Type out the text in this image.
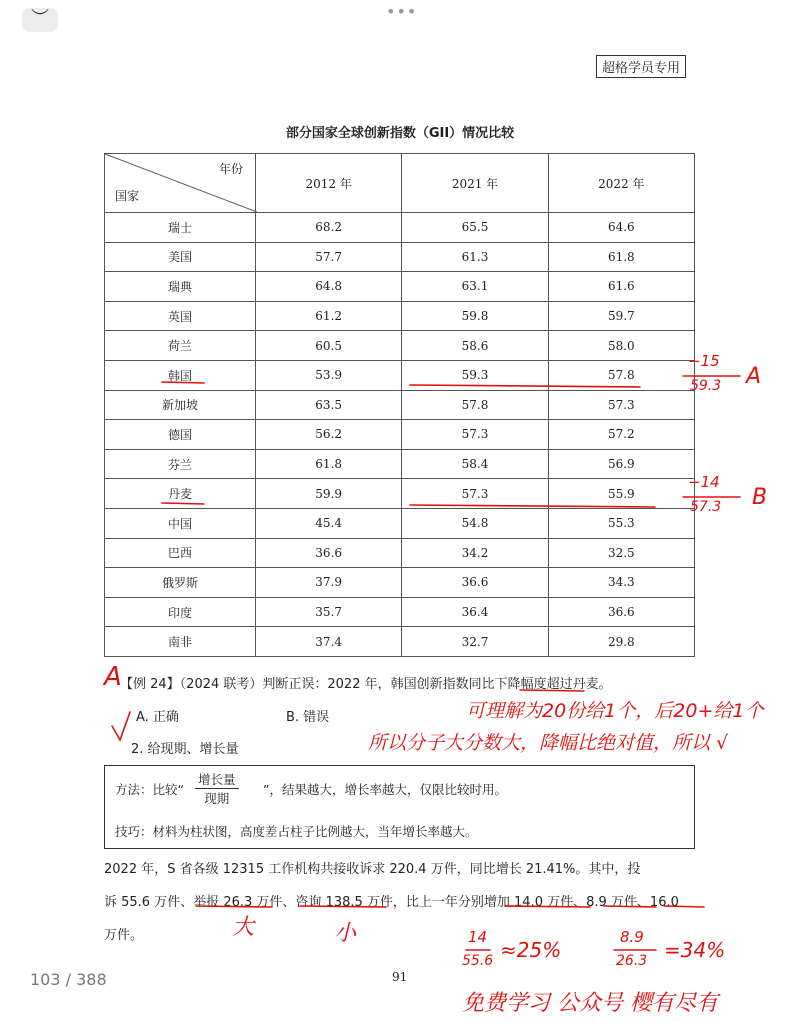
︶	•••
超格学员专用
部分国家全球创新指数（GII）情况比较
年份
国家	2012 年	2021 年	2022 年
瑞士	68.2	65.5	64.6
美国	57.7	61.3	61.8
瑞典	64.8	63.1	61.6
英国	61.2	59.8	59.7
荷兰	60.5	58.6	58.0
韩国	53.9	59.3	57.8
新加坡	63.5	57.8	57.3
德国	56.2	57.3	57.2
芬兰	61.8	58.4	56.9
丹麦	59.9	57.3	55.9
中国	45.4	54.8	55.3
巴西	36.6	34.2	32.5
俄罗斯	37.9	36.6	34.3
印度	35.7	36.4	36.6
南非	37.4	32.7	29.8
【例 24】（2024 联考）判断正误：2022 年，韩国创新指数同比下降幅度超过丹麦。
A. 正确	B. 错误
2. 给现期、增长量
方法：比较“
增长量
现期
”，结果越大，增长率越大，仅限比较时用。
技巧：材料为柱状图，高度差占柱子比例越大，当年增长率越大。
2022 年，S 省各级 12315 工作机构共接收诉求 220.4 万件，同比增长 21.41%。其中，投
诉 55.6 万件、举报 26.3 万件、咨询 138.5 万件，比上一年分别增加 14.0 万件、8.9 万件、16.0
万件。
91
103 / 388
−15
59.3 A
−14
57.3 B
A
可理解为20份给1个，后20+给1个
所以分子大分数大，降幅比绝对值，所以 √
大	小	14
55.6 ≈25%
8.9
26.3 =34%
免费学习 公众号 樱有尽有
